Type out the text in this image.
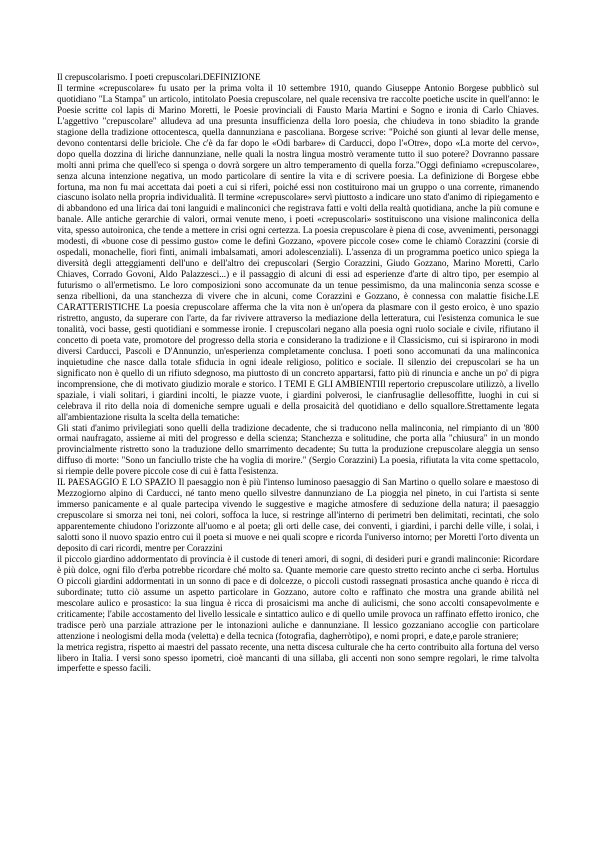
Il crepuscolarismo. I poeti crepuscolari.DEFINIZIONE

Il termine «crepuscolare» fu usato per la prima volta il 10 settembre 1910, quando Giuseppe Antonio Borgese pubblicò sul quotidiano "La Stampa" un articolo, intitolato Poesia crepuscolare, nel quale recensiva tre raccolte poetiche uscite in quell'anno: le Poesie scritte col lapis di Marino Moretti, le Poesie provinciali di Fausto Maria Martini e Sogno e ironia di Carlo Chiaves. L'aggettivo "crepuscolare" alludeva ad una presunta insufficienza della loro poesia, che chiudeva in tono sbiadito la grande stagione della tradizione ottocentesca, quella dannunziana e pascoliana. Borgese scrive: "Poiché son giunti al levar delle mense, devono contentarsi delle briciole. Che c'è da far dopo le «Odi barbare» di Carducci, dopo l'«Otre», dopo «La morte del cervo», dopo quella dozzina di liriche dannunziane, nelle quali la nostra lingua mostrò veramente tutto il suo potere? Dovranno passare molti anni prima che quell'eco si spenga o dovrà sorgere un altro temperamento di quella forza."Oggi definiamo «crepuscolare», senza alcuna intenzione negativa, un modo particolare di sentire la vita e di scrivere poesia. La definizione di Borgese ebbe fortuna, ma non fu mai accettata dai poeti a cui si riferì, poiché essi non costituirono mai un gruppo o una corrente, rimanendo ciascuno isolato nella propria individualità. Il termine «crepuscolare» servì piuttosto a indicare uno stato d'animo di ripiegamento e di abbandono ed una lirica dai toni languidi e malinconici che registrava fatti e volti della realtà quotidiana, anche la più comune e banale. Alle antiche gerarchie di valori, ormai venute meno, i poeti «crepuscolari» sostituiscono una visione malinconica della vita, spesso autoironica, che tende a mettere in crisi ogni certezza. La poesia crepuscolare è piena di cose, avvenimenti, personaggi modesti, di «buone cose di pessimo gusto» come le definì Gozzano, «povere piccole cose» come le chiamò Corazzini (corsie di ospedali, monachelle, fiori finti, animali imbalsamati, amori adolescenziali). L'assenza di un programma poetico unico spiega la diversità degli atteggiamenti dell'uno e dell'altro dei crepuscolari (Sergio Corazzini, Giudo Gozzano, Marino Moretti, Carlo Chiaves, Corrado Govoni, Aldo Palazzesci...) e il passaggio di alcuni di essi ad esperienze d'arte di altro tipo, per esempio al futurismo o all'ermetismo. Le loro composizioni sono accomunate da un tenue pessimismo, da una malinconia senza scosse e senza ribellioni, da una stanchezza di vivere che in alcuni, come Corazzini e Gozzano, è connessa con malattie fisiche.LE CARATTERISTICHE La poesia crepuscolare afferma che la vita non è un'opera da plasmare con il gesto eroico, è uno spazio ristretto, angusto, da superare con l'arte, da far rivivere attraverso la mediazione della letteratura, cui l'esistenza comunica le sue tonalità, voci basse, gesti quotidiani e sommesse ironie. I crepuscolari negano alla poesia ogni ruolo sociale e civile, rifiutano il concetto di poeta vate, promotore del progresso della storia e considerano la tradizione e il Classicismo, cui si ispirarono in modi diversi Carducci, Pascoli e D'Annunzio, un'esperienza completamente conclusa. I poeti sono accomunati da una malinconica inquietudine che nasce dalla totale sfiducia in ogni ideale religioso, politico e sociale. Il silenzio dei crepuscolari se ha un significato non è quello di un rifiuto sdegnoso, ma piuttosto di un concreto appartarsi, fatto più di rinuncia e anche un po' di pigra incomprensione, che di motivato giudizio morale e storico. I TEMI E GLI AMBIENTIIl repertorio crepuscolare utilizzò, a livello spaziale, i viali solitari, i giardini incolti, le piazze vuote, i giardini polverosi, le cianfrusaglie dellesoffitte, luoghi in cui si celebrava il rito della noia di domeniche sempre uguali e della prosaicità del quotidiano e dello squallore.Strettamente legata all'ambientazione risulta la scelta della tematiche:

Gli stati d'animo privilegiati sono quelli della tradizione decadente, che si traducono nella malinconia, nel rimpianto di un '800 ormai naufragato, assieme ai miti del progresso e della scienza; Stanchezza e solitudine, che porta alla "chiusura" in un mondo provincialmente ristretto sono la traduzione dello smarrimento decadente; Su tutta la produzione crepuscolare aleggia un senso diffuso di morte: "Sono un fanciullo triste che ha voglia di morire." (Sergio Corazzini) La poesia, rifiutata la vita come spettacolo, si riempie delle povere piccole cose di cui è fatta l'esistenza.

IL PAESAGGIO E LO SPAZIO Il paesaggio non è più l'intenso luminoso paesaggio di San Martino o quello solare e maestoso di Mezzogiorno alpino di Carducci, né tanto meno quello silvestre dannunziano de La pioggia nel pineto, in cui l'artista si sente immerso panicamente e al quale partecipa vivendo le suggestive e magiche atmosfere di seduzione della natura; il paesaggio crepuscolare si smorza nei toni, nei colori, soffoca la luce, si restringe all'interno di perimetri ben delimitati, recintati, che solo apparentemente chiudono l'orizzonte all'uomo e al poeta; gli orti delle case, dei conventi, i giardini, i parchi delle ville, i solai, i salotti sono il nuovo spazio entro cui il poeta si muove e nei quali scopre e ricorda l'universo intorno; per Moretti l'orto diventa un deposito di cari ricordi, mentre per Corazzini

il piccolo giardino addormentato di provincia è il custode di teneri amori, di sogni, di desideri puri e grandi malinconie: Ricordare è più dolce, ogni filo d'erba potrebbe ricordare ché molto sa. Quante memorie care questo stretto recinto anche ci serba. Hortulus O piccoli giardini addormentati in un sonno di pace e di dolcezze, o piccoli custodi rassegnati prosastica anche quando è ricca di subordinate; tutto ciò assume un aspetto particolare in Gozzano, autore colto e raffinato che mostra una grande abilità nel mescolare aulico e prosastico: la sua lingua è ricca di prosaicismi ma anche di aulicismi, che sono accolti consapevolmente e criticamente; l'abile accostamento del livello lessicale e sintattico aulico e di quello umile provoca un raffinato effetto ironico, che tradisce però una parziale attrazione per le intonazioni auliche e dannunziane. Il lessico gozzaniano accoglie con particolare attenzione i neologismi della moda (veletta) e della tecnica (fotografia, dagherròtipo), e nomi propri, e date,e parole straniere;

la metrica registra, rispetto ai maestri del passato recente, una netta discesa culturale che ha certo contribuito alla fortuna del verso libero in Italia. I versi sono spesso ipometri, cioè mancanti di una sillaba, gli accenti non sono sempre regolari, le rime talvolta imperfette e spesso facili.
